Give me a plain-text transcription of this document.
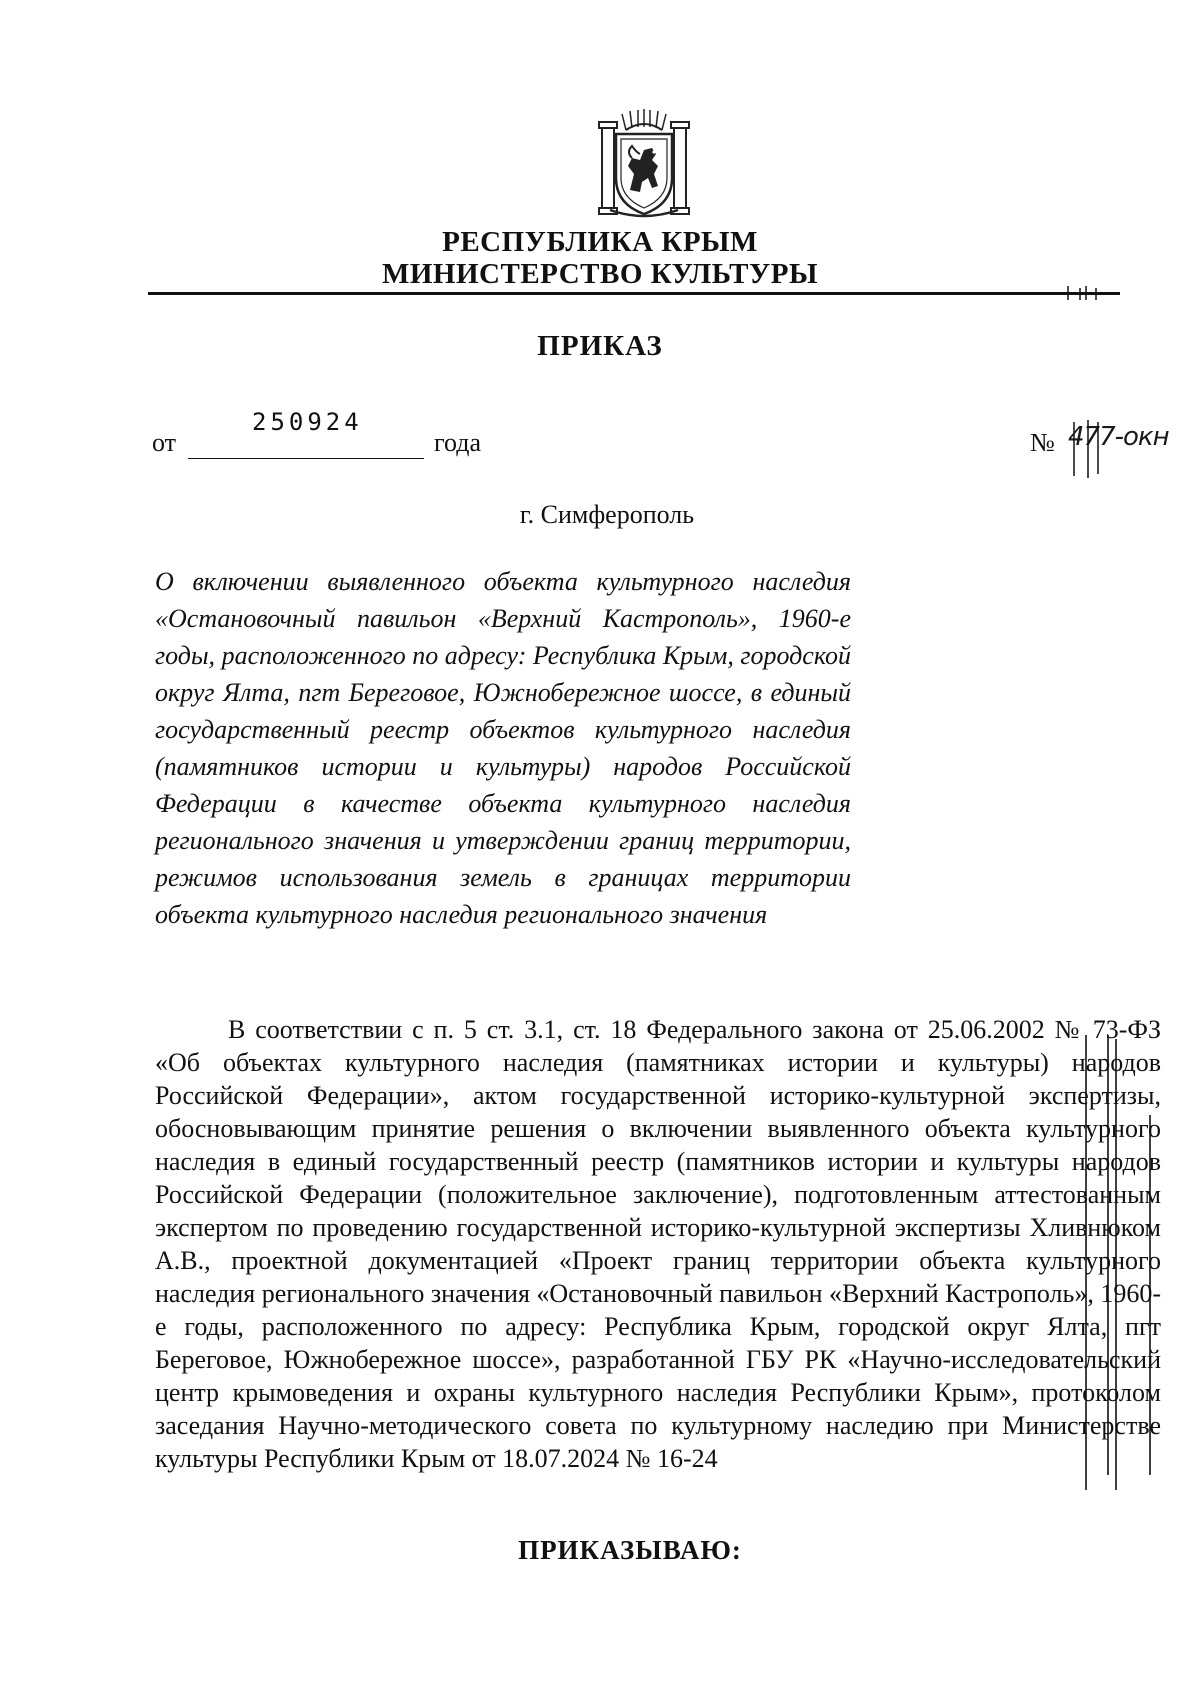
РЕСПУБЛИКА КРЫМ
МИНИСТЕРСТВО КУЛЬТУРЫ
ПРИКАЗ
от
250924
года	№ 477-окн
г. Симферополь
О включении выявленного объекта культурного наследия «Остановочный павильон «Верхний Кастрополь», 1960-е годы, расположенного по адресу: Республика Крым, городской округ Ялта, пгт Береговое, Южнобережное шоссе, в единый государственный реестр объектов культурного наследия (памятников истории и культуры) народов Российской Федерации в качестве объекта культурного наследия регионального значения и утверждении границ территории, режимов использования земель в границах территории объекта культурного наследия регионального значения
В соответствии с п. 5 ст. 3.1, ст. 18 Федерального закона от 25.06.2002 № 73-ФЗ «Об объектах культурного наследия (памятниках истории и культуры) народов Российской Федерации», актом государственной историко-культурной экспертизы, обосновывающим принятие решения о включении выявленного объекта культурного наследия в единый государственный реестр (памятников истории и культуры народов Российской Федерации (положительное заключение), подготовленным аттестованным экспертом по проведению государственной историко-культурной экспертизы Хливнюком А.В., проектной документацией «Проект границ территории объекта культурного наследия регионального значения «Остановочный павильон «Верхний Кастрополь», 1960-е годы, расположенного по адресу: Республика Крым, городской округ Ялта, пгт Береговое, Южнобережное шоссе», разработанной ГБУ РК «Научно-исследовательский центр крымоведения и охраны культурного наследия Республики Крым», протоколом заседания Научно-методического совета по культурному наследию при Министерстве культуры Республики Крым от 18.07.2024 № 16-24
ПРИКАЗЫВАЮ:
